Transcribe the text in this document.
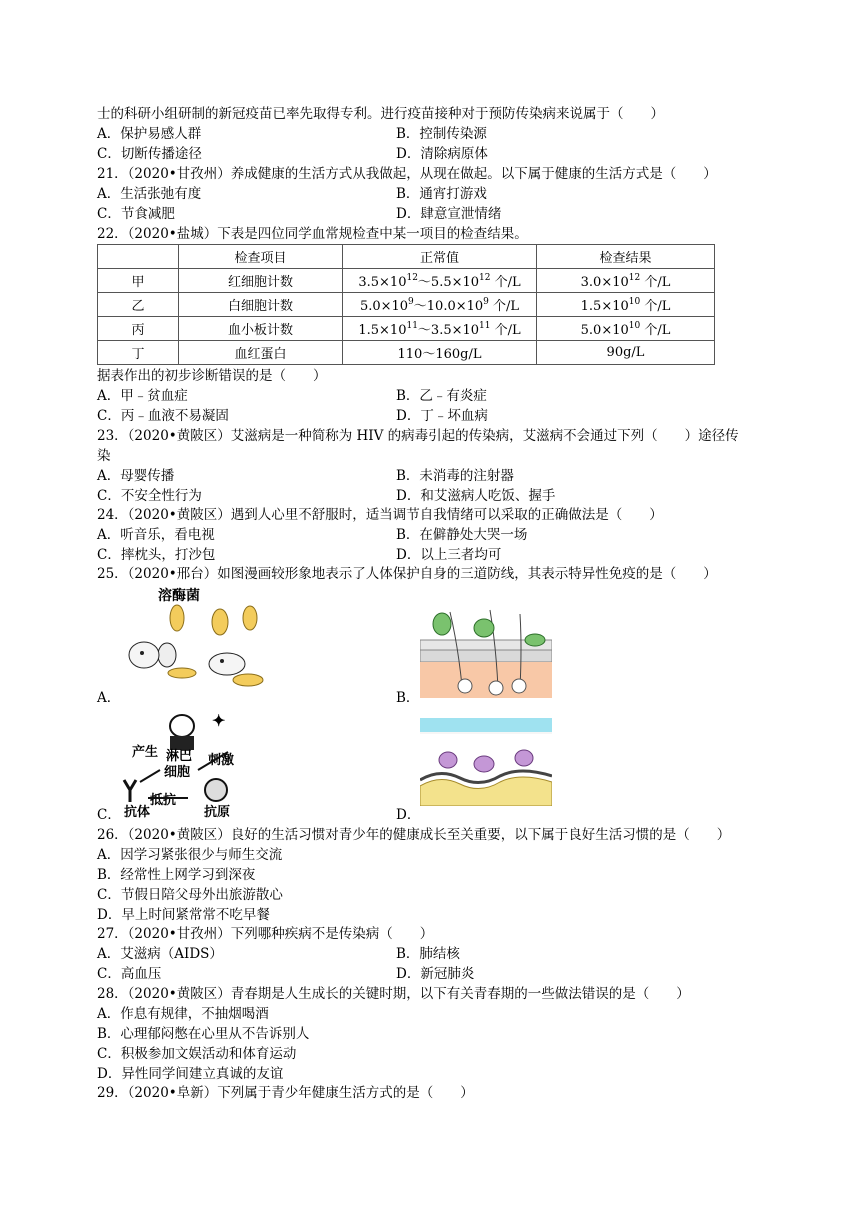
士的科研小组研制的新冠疫苗已率先取得专利。进行疫苗接种对于预防传染病来说属于（　　）
A．保护易感人群	B．控制传染源
C．切断传播途径	D．清除病原体
21．（2020•甘孜州）养成健康的生活方式从我做起，从现在做起。以下属于健康的生活方式是（　　）
A．生活张弛有度	B．通宵打游戏
C．节食减肥	D．肆意宣泄情绪
22．（2020•盐城）下表是四位同学血常规检查中某一项目的检查结果。
	检查项目	正常值	检查结果
甲	红细胞计数	$3.5\times 10^{12}\sim 5.5\times 10^{12}$ 个/L	$3.0\times 10^{12}$ 个/L
乙	白细胞计数	$5.0\times 10^9\sim 10.0\times 10^9$ 个/L	$1.5\times 10^{10}$ 个/L
丙	血小板计数	$1.5\times 10^{11}\sim 3.5\times 10^{11}$ 个/L	$5.0\times 10^{10}$ 个/L
丁	血红蛋白	110～160g/L	90g/L
据表作出的初步诊断错误的是（　　）
A．甲﹣贫血症	B．乙﹣有炎症
C．丙﹣血液不易凝固	D．丁﹣坏血病
23．（2020•黄陂区）艾滋病是一种简称为 HIV 的病毒引起的传染病，艾滋病不会通过下列（　　）途径传
染
A．母婴传播	B．未消毒的注射器
C．不安全性行为	D．和艾滋病人吃饭、握手
24．（2020•黄陂区）遇到人心里不舒服时，适当调节自我情绪可以采取的正确做法是（　　）
A．听音乐，看电视	B．在僻静处大哭一场
C．摔枕头，打沙包	D．以上三者均可
25．（2020•邢台）如图漫画较形象地表示了人体保护自身的三道防线，其表示特异性免疫的是（　　）
溶酶菌
A．	B．
✦
产生 淋巴
细胞
刺激
抵抗
抗体	抗原
C．	D．
26．（2020•黄陂区）良好的生活习惯对青少年的健康成长至关重要，以下属于良好生活习惯的是（　　）
A．因学习紧张很少与师生交流
B．经常性上网学习到深夜
C．节假日陪父母外出旅游散心
D．早上时间紧常常不吃早餐
27．（2020•甘孜州）下列哪种疾病不是传染病（　　）
A．艾滋病（AIDS）	B．肺结核
C．高血压	D．新冠肺炎
28．（2020•黄陂区）青春期是人生成长的关键时期，以下有关青春期的一些做法错误的是（　　）
A．作息有规律，不抽烟喝酒
B．心理郁闷憋在心里从不告诉别人
C．积极参加文娱活动和体育运动
D．异性同学间建立真诚的友谊
29．（2020•阜新）下列属于青少年健康生活方式的是（　　）
